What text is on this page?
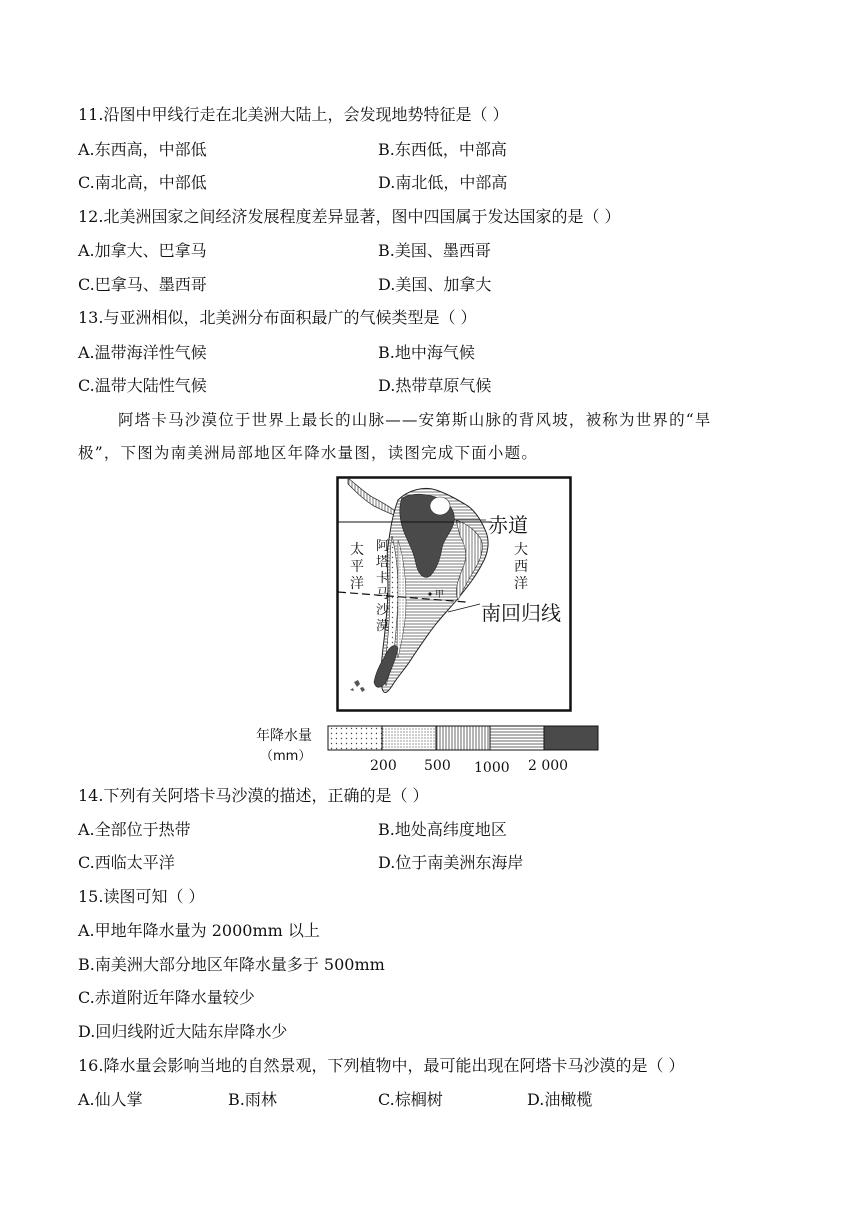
11.沿图中甲线行走在北美洲大陆上，会发现地势特征是（ ）
A.东西高，中部低	B.东西低，中部高
C.南北高，中部低	D.南北低，中部高
12.北美洲国家之间经济发展程度差异显著，图中四国属于发达国家的是（ ）
A.加拿大、巴拿马	B.美国、墨西哥
C.巴拿马、墨西哥	D.美国、加拿大
13.与亚洲相似，北美洲分布面积最广的气候类型是（ ）
A.温带海洋性气候	B.地中海气候
C.温带大陆性气候	D.热带草原气候
阿塔卡马沙漠位于世界上最长的山脉——安第斯山脉的背风坡，被称为世界的“旱
极”，下图为南美洲局部地区年降水量图，读图完成下面小题。
甲
太
平
洋
大
西
洋
阿
塔
卡
马
沙
漠
赤道
南回归线
年降水量
（mm）
200 500 1000 2 000
14.下列有关阿塔卡马沙漠的描述，正确的是（ ）
A.全部位于热带	B.地处高纬度地区
C.西临太平洋	D.位于南美洲东海岸
15.读图可知（ ）
A.甲地年降水量为 2000mm 以上
B.南美洲大部分地区年降水量多于 500mm
C.赤道附近年降水量较少
D.回归线附近大陆东岸降水少
16.降水量会影响当地的自然景观，下列植物中，最可能出现在阿塔卡马沙漠的是（ ）
A.仙人掌	B.雨林	C.棕榈树	D.油橄榄
